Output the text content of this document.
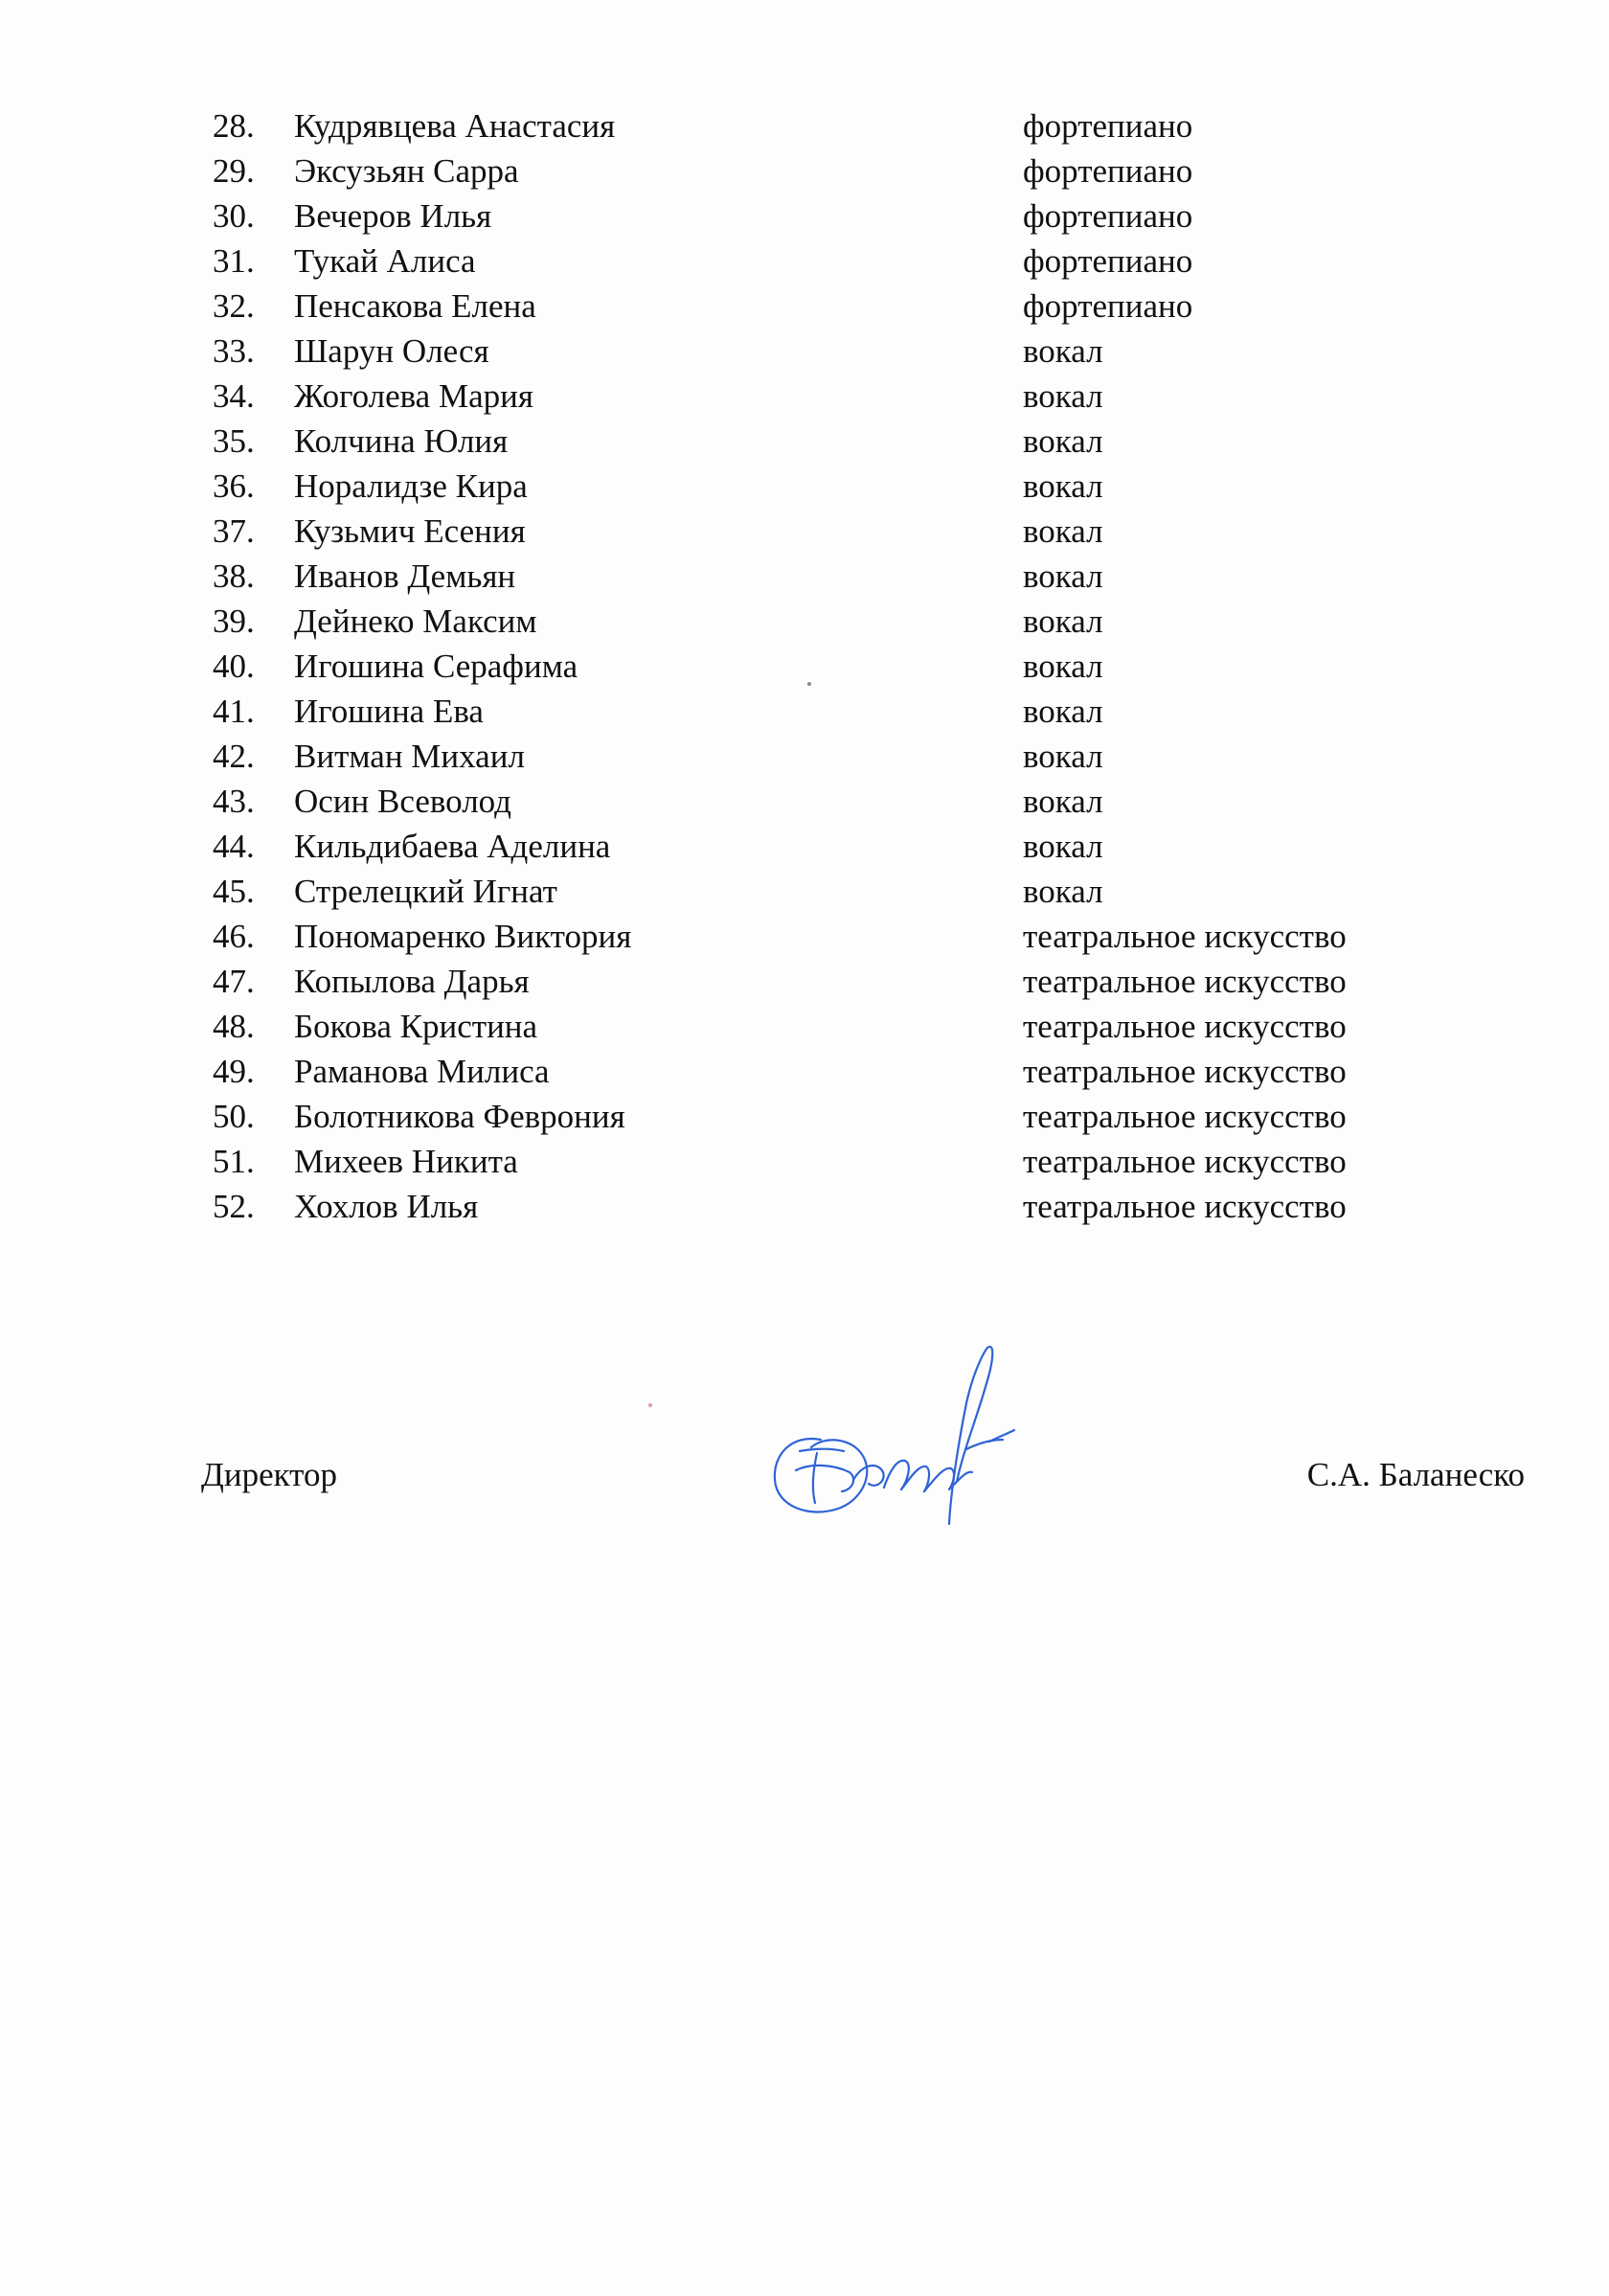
28.	Кудрявцева Анастасия	фортепиано
29.	Эксузьян Сарра	фортепиано
30.	Вечеров Илья	фортепиано
31.	Тукай Алиса	фортепиано
32.	Пенсакова Елена	фортепиано
33.	Шарун Олеся	вокал
34.	Жоголева Мария	вокал
35.	Колчина Юлия	вокал
36.	Норалидзе Кира	вокал
37.	Кузьмич Есения	вокал
38.	Иванов Демьян	вокал
39.	Дейнеко Максим	вокал
40.	Игошина Серафима	вокал
41.	Игошина Ева	вокал
42.	Витман Михаил	вокал
43.	Осин Всеволод	вокал
44.	Кильдибаева Аделина	вокал
45.	Стрелецкий Игнат	вокал
46.	Пономаренко Виктория	театральное искусство
47.	Копылова Дарья	театральное искусство
48.	Бокова Кристина	театральное искусство
49.	Раманова Милиса	театральное искусство
50.	Болотникова Феврония	театральное искусство
51.	Михеев Никита	театральное искусство
52.	Хохлов Илья	театральное искусство
Директор	С.А. Баланеско
